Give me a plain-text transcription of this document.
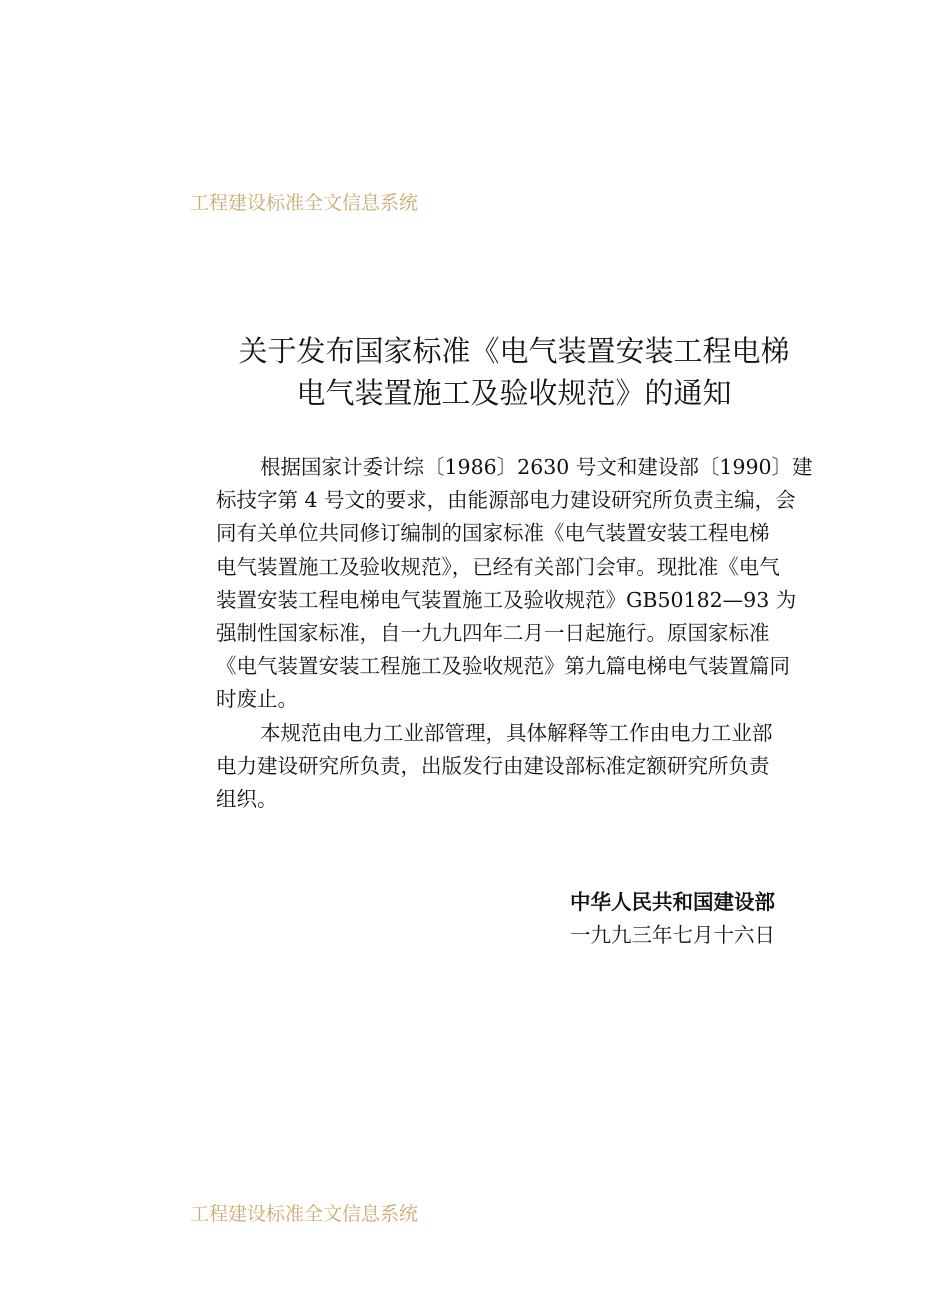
工程建设标准全文信息系统
关于发布国家标准《电气装置安装工程电梯
电气装置施工及验收规范》的通知
根据国家计委计综〔1986〕2630 号文和建设部〔1990〕建
标技字第 4 号文的要求，由能源部电力建设研究所负责主编，会
同有关单位共同修订编制的国家标准《电气装置安装工程电梯
电气装置施工及验收规范》，已经有关部门会审。现批准《电气
装置安装工程电梯电气装置施工及验收规范》GB50182—93 为
强制性国家标准，自一九九四年二月一日起施行。原国家标准
《电气装置安装工程施工及验收规范》第九篇电梯电气装置篇同
时废止。
本规范由电力工业部管理，具体解释等工作由电力工业部
电力建设研究所负责，出版发行由建设部标准定额研究所负责
组织。
中华人民共和国建设部
一九九三年七月十六日
工程建设标准全文信息系统
